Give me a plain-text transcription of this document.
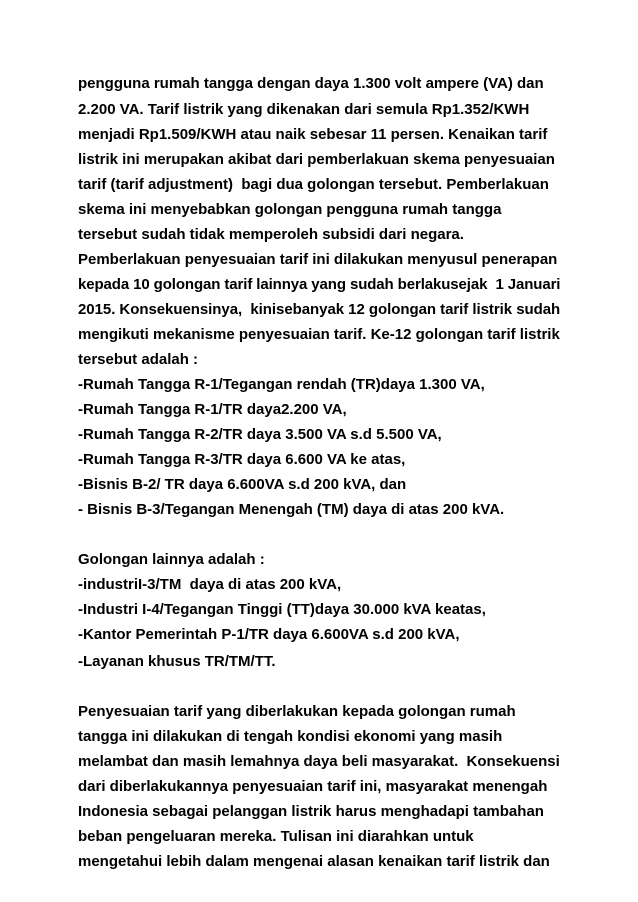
pengguna rumah tangga dengan daya 1.300 volt ampere (VA) dan

2.200 VA. Tarif listrik yang dikenakan dari semula Rp1.352/KWH

menjadi Rp1.509/KWH atau naik sebesar 11 persen. Kenaikan tarif

listrik ini merupakan akibat dari pemberlakuan skema penyesuaian

tarif (tarif adjustment)  bagi dua golongan tersebut. Pemberlakuan

skema ini menyebabkan golongan pengguna rumah tangga

tersebut sudah tidak memperoleh subsidi dari negara.

Pemberlakuan penyesuaian tarif ini dilakukan menyusul penerapan

kepada 10 golongan tarif lainnya yang sudah berlakusejak  1 Januari

2015. Konsekuensinya,  kinisebanyak 12 golongan tarif listrik sudah

mengikuti mekanisme penyesuaian tarif. Ke-12 golongan tarif listrik

tersebut adalah :

-Rumah Tangga R-1/Tegangan rendah (TR)daya 1.300 VA,

-Rumah Tangga R-1/TR daya2.200 VA,

-Rumah Tangga R-2/TR daya 3.500 VA s.d 5.500 VA,

-Rumah Tangga R-3/TR daya 6.600 VA ke atas,

-Bisnis B-2/ TR daya 6.600VA s.d 200 kVA, dan

- Bisnis B-3/Tegangan Menengah (TM) daya di atas 200 kVA.

Golongan lainnya adalah :

-industriI-3/TM  daya di atas 200 kVA,

-Industri I-4/Tegangan Tinggi (TT)daya 30.000 kVA keatas,

-Kantor Pemerintah P-1/TR daya 6.600VA s.d 200 kVA,

-Layanan khusus TR/TM/TT.

Penyesuaian tarif yang diberlakukan kepada golongan rumah

tangga ini dilakukan di tengah kondisi ekonomi yang masih

melambat dan masih lemahnya daya beli masyarakat.  Konsekuensi

dari diberlakukannya penyesuaian tarif ini, masyarakat menengah

Indonesia sebagai pelanggan listrik harus menghadapi tambahan

beban pengeluaran mereka. Tulisan ini diarahkan untuk

mengetahui lebih dalam mengenai alasan kenaikan tarif listrik dan
